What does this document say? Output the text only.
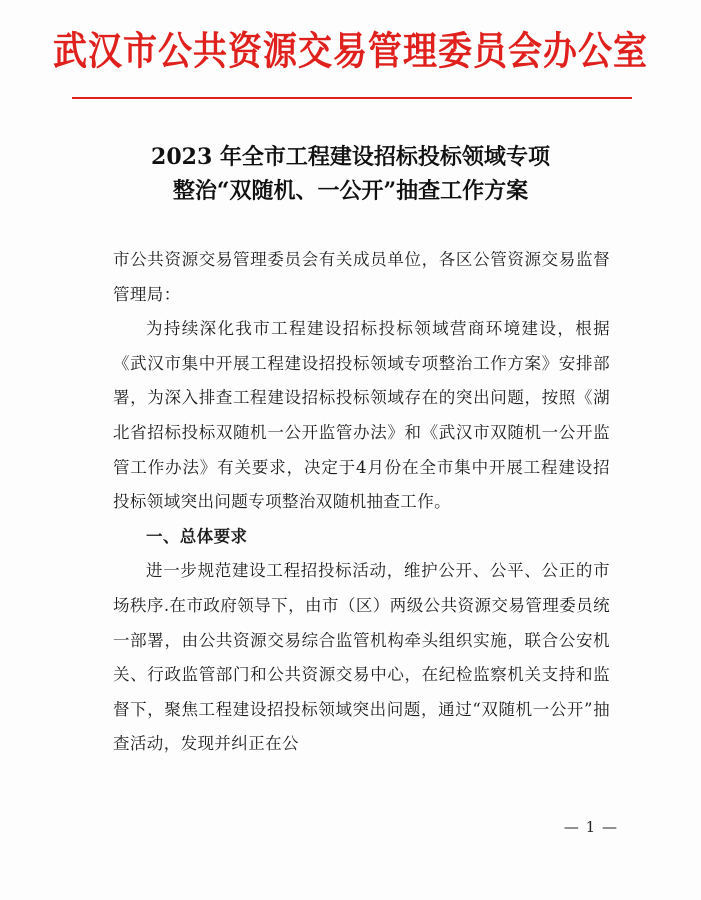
武汉市公共资源交易管理委员会办公室
2023 年全市工程建设招标投标领域专项
整治“双随机、一公开”抽查工作方案

市公共资源交易管理委员会有关成员单位，各区公管资源交易监督管理局：

为持续深化我市工程建设招标投标领域营商环境建设，根据《武汉市集中开展工程建设招投标领域专项整治工作方案》安排部署，为深入排查工程建设招标投标领域存在的突出问题，按照《湖北省招标投标双随机一公开监管办法》和《武汉市双随机一公开监管工作办法》有关要求，决定于4月份在全市集中开展工程建设招投标领域突出问题专项整治双随机抽查工作。

一、总体要求

进一步规范建设工程招投标活动，维护公开、公平、公正的市场秩序.在市政府领导下，由市（区）两级公共资源交易管理委员统一部署，由公共资源交易综合监管机构牵头组织实施，联合公安机关、行政监管部门和公共资源交易中心，在纪检监察机关支持和监督下，聚焦工程建设招投标领域突出问题，通过“双随机一公开”抽查活动，发现并纠正在公

— 1 —
